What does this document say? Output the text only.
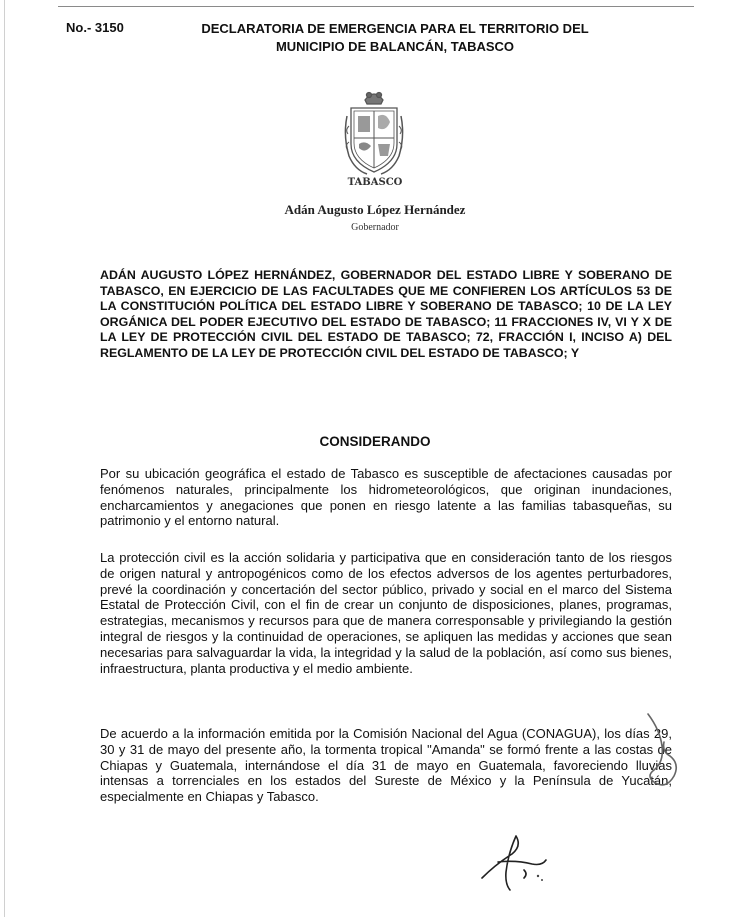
No.- 3150	DECLARATORIA DE EMERGENCIA PARA EL TERRITORIO DEL
MUNICIPIO DE BALANCÁN, TABASCO
TABASCO
Adán Augusto López Hernández
Gobernador
ADÁN AUGUSTO LÓPEZ HERNÁNDEZ, GOBERNADOR DEL ESTADO LIBRE Y SOBERANO DE TABASCO, EN EJERCICIO DE LAS FACULTADES QUE ME CONFIEREN LOS ARTÍCULOS 53 DE LA CONSTITUCIÓN POLÍTICA DEL ESTADO LIBRE Y SOBERANO DE TABASCO; 10 DE LA LEY ORGÁNICA DEL PODER EJECUTIVO DEL ESTADO DE TABASCO; 11 FRACCIONES IV, VI Y X DE LA LEY DE PROTECCIÓN CIVIL DEL ESTADO DE TABASCO; 72, FRACCIÓN I, INCISO A) DEL REGLAMENTO DE LA LEY DE PROTECCIÓN CIVIL DEL ESTADO DE TABASCO; Y
CONSIDERANDO
Por su ubicación geográfica el estado de Tabasco es susceptible de afectaciones causadas por fenómenos naturales, principalmente los hidrometeorológicos, que originan inundaciones, encharcamientos y anegaciones que ponen en riesgo latente a las familias tabasqueñas, su patrimonio y el entorno natural.
La protección civil es la acción solidaria y participativa que en consideración tanto de los riesgos de origen natural y antropogénicos como de los efectos adversos de los agentes perturbadores, prevé la coordinación y concertación del sector público, privado y social en el marco del Sistema Estatal de Protección Civil, con el fin de crear un conjunto de disposiciones, planes, programas, estrategias, mecanismos y recursos para que de manera corresponsable y privilegiando la gestión integral de riesgos y la continuidad de operaciones, se apliquen las medidas y acciones que sean necesarias para salvaguardar la vida, la integridad y la salud de la población, así como sus bienes, infraestructura, planta productiva y el medio ambiente.
De acuerdo a la información emitida por la Comisión Nacional del Agua (CONAGUA), los días 29, 30 y 31 de mayo del presente año, la tormenta tropical "Amanda" se formó frente a las costas de Chiapas y Guatemala, internándose el día 31 de mayo en Guatemala, favoreciendo lluvias intensas a torrenciales en los estados del Sureste de México y la Península de Yucatán, especialmente en Chiapas y Tabasco.
